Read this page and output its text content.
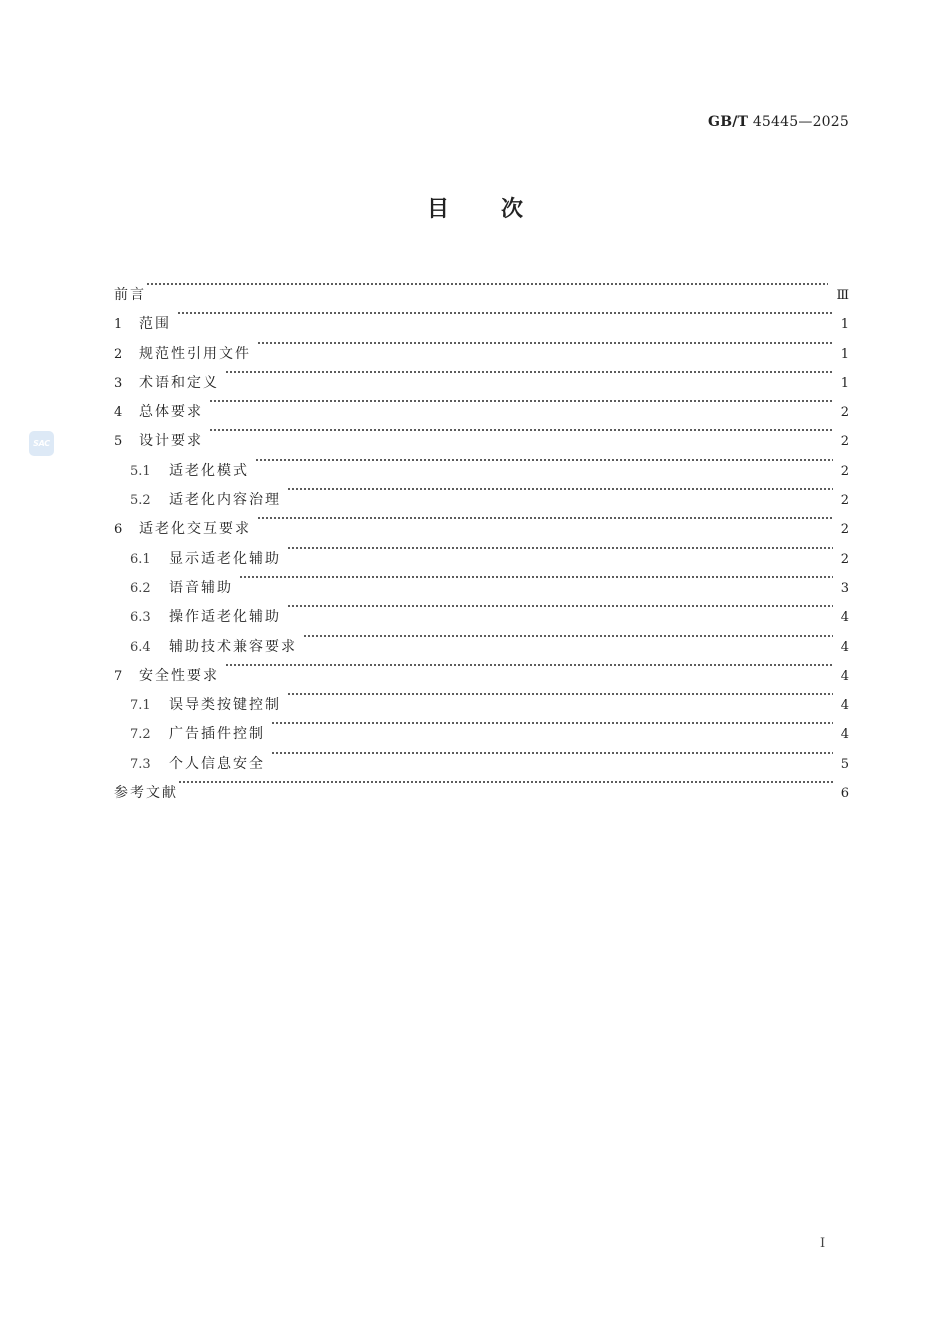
GB/T 45445—2025
目次
SAC
前言	Ⅲ
1	范围	1
2	规范性引用文件	1
3	术语和定义	1
4	总体要求	2
5	设计要求	2
5.1	适老化模式	2
5.2	适老化内容治理	2
6	适老化交互要求	2
6.1	显示适老化辅助	2
6.2	语音辅助	3
6.3	操作适老化辅助	4
6.4	辅助技术兼容要求	4
7	安全性要求	4
7.1	误导类按键控制	4
7.2	广告插件控制	4
7.3	个人信息安全	5
参考文献	6
I
